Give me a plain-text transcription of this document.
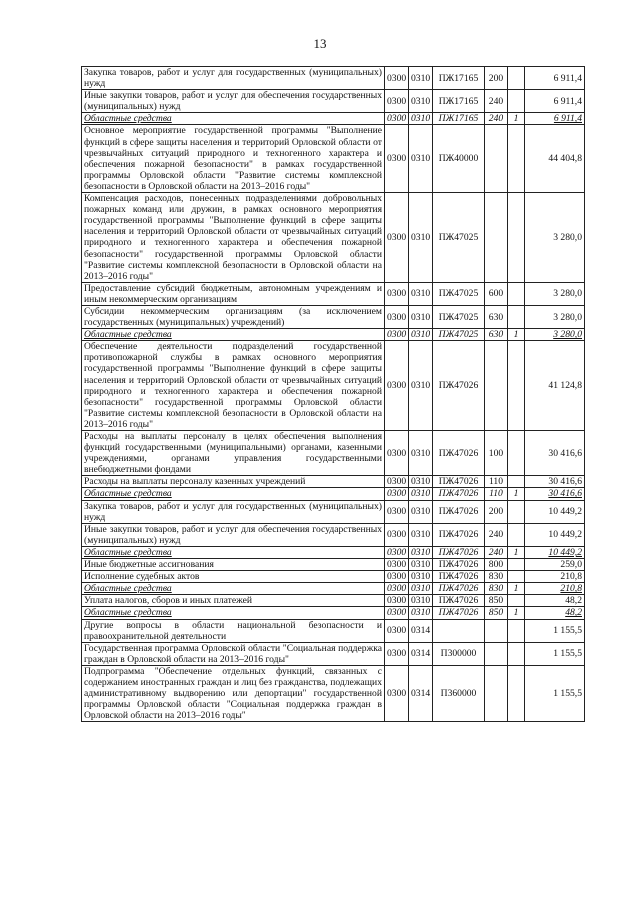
13
Закупка товаров, работ и услуг для государственных (муниципальных) нужд	0300	0310	ПЖ17165	200		6 911,4
Иные закупки товаров, работ и услуг для обеспечения государственных (муниципальных) нужд	0300	0310	ПЖ17165	240		6 911,4
Областные средства	0300	0310	ПЖ17165	240	1	6 911,4
Основное мероприятие государственной программы "Выполнение функций в сфере защиты населения и территорий Орловской области от чрезвычайных ситуаций природного и техногенного характера и обеспечения пожарной безопасности" в рамках государственной программы Орловской области "Развитие системы комплексной безопасности в Орловской области на 2013–2016 годы"	0300	0310	ПЖ40000			44 404,8
Компенсация расходов, понесенных подразделениями добровольных пожарных команд или дружин, в рамках основного мероприятия государственной программы "Выполнение функций в сфере защиты населения и территорий Орловской области от чрезвычайных ситуаций природного и техногенного характера и обеспечения пожарной безопасности" государственной программы Орловской области "Развитие системы комплексной безопасности в Орловской области на 2013–2016 годы"	0300	0310	ПЖ47025			3 280,0
Предоставление субсидий бюджетным, автономным учреждениям и иным некоммерческим организациям	0300	0310	ПЖ47025	600		3 280,0
Субсидии некоммерческим организациям (за исключением государственных (муниципальных) учреждений)	0300	0310	ПЖ47025	630		3 280,0
Областные средства	0300	0310	ПЖ47025	630	1	3 280,0
Обеспечение деятельности подразделений государственной противопожарной службы в рамках основного мероприятия государственной программы "Выполнение функций в сфере защиты населения и территорий Орловской области от чрезвычайных ситуаций природного и техногенного характера и обеспечения пожарной безопасности" государственной программы Орловской области "Развитие системы комплексной безопасности в Орловской области на 2013–2016 годы"	0300	0310	ПЖ47026			41 124,8
Расходы на выплаты персоналу в целях обеспечения выполнения функций государственными (муниципальными) органами, казенными учреждениями, органами управления государственными внебюджетными фондами	0300	0310	ПЖ47026	100		30 416,6
Расходы на выплаты персоналу казенных учреждений	0300	0310	ПЖ47026	110		30 416,6
Областные средства	0300	0310	ПЖ47026	110	1	30 416,6
Закупка товаров, работ и услуг для государственных (муниципальных) нужд	0300	0310	ПЖ47026	200		10 449,2
Иные закупки товаров, работ и услуг для обеспечения государственных (муниципальных) нужд	0300	0310	ПЖ47026	240		10 449,2
Областные средства	0300	0310	ПЖ47026	240	1	10 449,2
Иные бюджетные ассигнования	0300	0310	ПЖ47026	800		259,0
Исполнение судебных актов	0300	0310	ПЖ47026	830		210,8
Областные средства	0300	0310	ПЖ47026	830	1	210,8
Уплата налогов, сборов и иных платежей	0300	0310	ПЖ47026	850		48,2
Областные средства	0300	0310	ПЖ47026	850	1	48,2
Другие вопросы в области национальной безопасности и правоохранительной деятельности	0300	0314				1 155,5
Государственная программа Орловской области "Социальная поддержка граждан в Орловской области на 2013–2016 годы"	0300	0314	П300000			1 155,5
Подпрограмма "Обеспечение отдельных функций, связанных с содержанием иностранных граждан и лиц без гражданства, подлежащих административному выдворению или депортации" государственной программы Орловской области "Социальная поддержка граждан в Орловской области на 2013–2016 годы"	0300	0314	П360000			1 155,5
